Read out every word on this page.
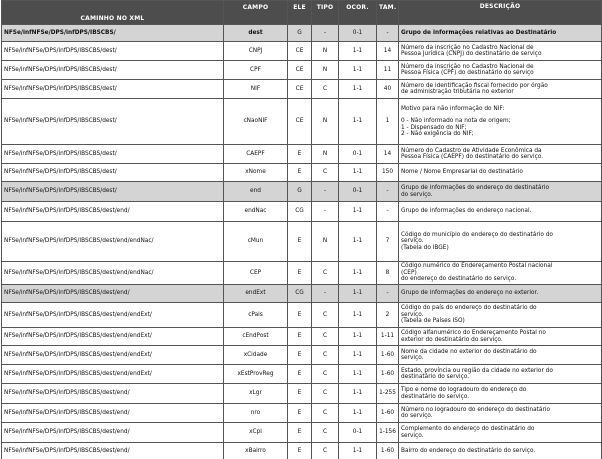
CAMINHO NO XML	CAMPO	ELE	TIPO	OCOR.	TAM.	DESCRIÇÃO
NFSe/infNFSe/DPS/infDPS/IBSCBS/	dest	G	-	0-1	-	Grupo de informações relativas ao Destinatário

NFSe/infNFSe/DPS/infDPS/IBSCBS/dest/	CNPJ	CE	N	1-1	14	Número da inscrição no Cadastro Nacional de
Pessoa Jurídica (CNPJ) do destinatário de serviço

NFSe/infNFSe/DPS/infDPS/IBSCBS/dest/	CPF	CE	N	1-1	11	Número da inscrição no Cadastro Nacional de
Pessoa Física (CPF) do destinatário do serviço

NFSe/infNFSe/DPS/infDPS/IBSCBS/dest/	NIF	CE	C	1-1	40	Número de identificação fiscal fornecido por órgão
de administração tributária no exterior

NFSe/infNFSe/DPS/infDPS/IBSCBS/dest/	cNaoNIF	CE	N	1-1	1	Motivo para não informação do NIF:
0 - Não informado na nota de origem;
1 - Dispensado do NIF;
2 - Não exigência do NIF;

NFSe/infNFSe/DPS/infDPS/IBSCBS/dest/	CAEPF	E	N	0-1	14	Número do Cadastro de Atividade Econômica da
Pessoa Física (CAEPF) do destinatário do serviço.

NFSe/infNFSe/DPS/infDPS/IBSCBS/dest/	xNome	E	C	1-1	150	Nome / Nome Empresarial do destinatário

NFSe/infNFSe/DPS/infDPS/IBSCBS/dest/	end	G	-	0-1	-	Grupo de informações do endereço do destinatário
do serviço.

NFSe/infNFSe/DPS/infDPS/IBSCBS/dest/end/	endNac	CG	-	1-1	-	Grupo de informações do endereço nacional.

NFSe/infNFSe/DPS/infDPS/IBSCBS/dest/end/endNac/	cMun	E	N	1-1	7	Código do município do endereço do destinatário do
serviço.
(Tabela do IBGE)

NFSe/infNFSe/DPS/infDPS/IBSCBS/dest/end/endNac/	CEP	E	C	1-1	8	Código numérico do Endereçamento Postal nacional
(CEP)
do endereço do destinatário do serviço.

NFSe/infNFSe/DPS/infDPS/IBSCBS/dest/end/	endExt	CG	-	1-1	-	Grupo de informações do endereço no exterior.

NFSe/infNFSe/DPS/infDPS/IBSCBS/dest/end/endExt/	cPais	E	C	1-1	2	Código do país do endereço do destinatário do
serviço.
(Tabela de Países ISO)

NFSe/infNFSe/DPS/infDPS/IBSCBS/dest/end/endExt/	cEndPost	E	C	1-1	1-11	Código alfanumérico do Endereçamento Postal no
exterior do destinatário do serviço.

NFSe/infNFSe/DPS/infDPS/IBSCBS/dest/end/endExt/	xCidade	E	C	1-1	1-60	Nome da cidade no exterior do destinatário do
serviço.

NFSe/infNFSe/DPS/infDPS/IBSCBS/dest/end/endExt/	xEstProvReg	E	C	1-1	1-60	Estado, província ou região da cidade no exterior do
destinatário do serviço.

NFSe/infNFSe/DPS/infDPS/IBSCBS/dest/end/	xLgr	E	C	1-1	1-255	Tipo e nome do logradouro do endereço do
destinatário do serviço.

NFSe/infNFSe/DPS/infDPS/IBSCBS/dest/end/	nro	E	C	1-1	1-60	Número no logradouro do endereço do destinatário
do serviço.

NFSe/infNFSe/DPS/infDPS/IBSCBS/dest/end/	xCpl	E	C	0-1	1-156	Complemento do endereço do destinatário do
serviço.

NFSe/infNFSe/DPS/infDPS/IBSCBS/dest/end/	xBairro	E	C	1-1	1-60	Bairro do endereço do destinatário do serviço.
